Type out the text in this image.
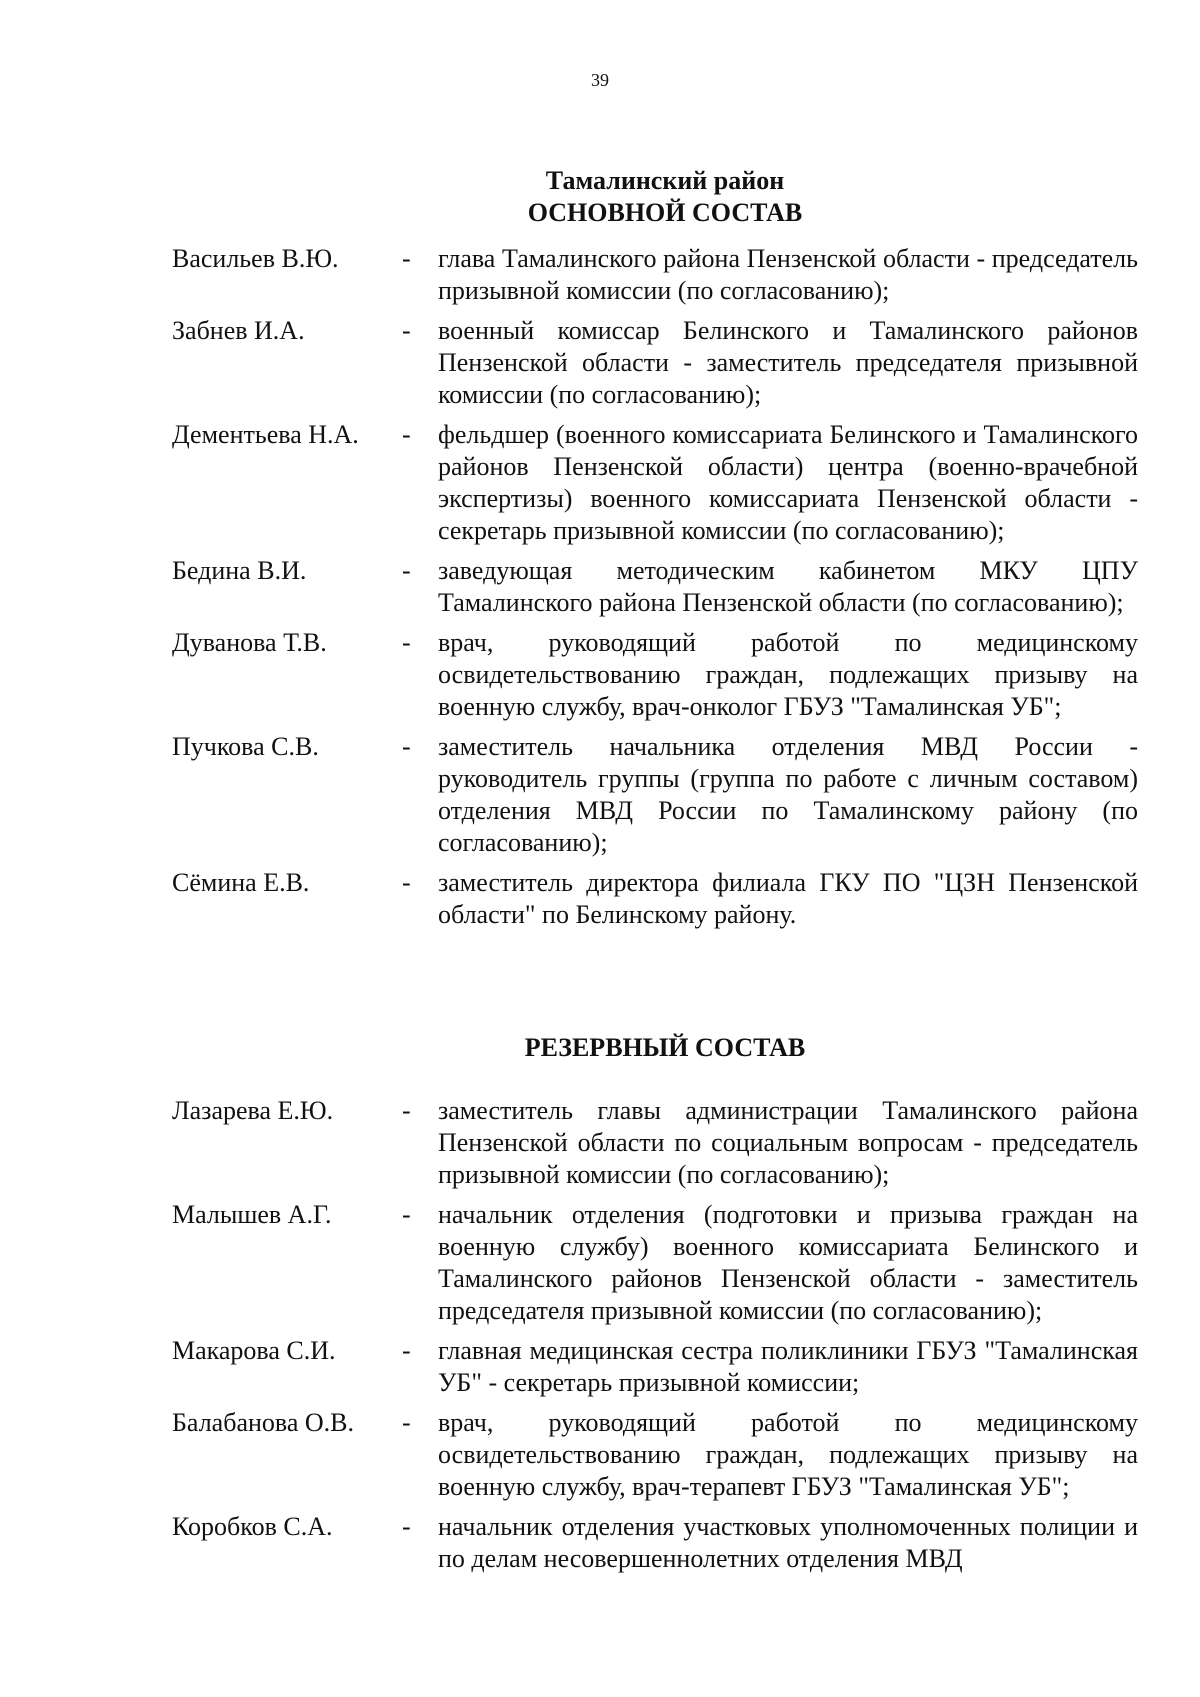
39
Тамалинский район
ОСНОВНОЙ СОСТАВ
Васильев В.Ю.	-	глава Тамалинского района Пензенской области - председатель призывной комиссии (по согласованию);
Забнев И.А.	-	военный комиссар Белинского и Тамалинского районов Пензенской области - заместитель председателя призывной комиссии (по согласованию);
Дементьева Н.А.	-	фельдшер (военного комиссариата Белинского и Тамалинского районов Пензенской области) центра (военно-врачебной экспертизы) военного комиссариата Пензенской области - секретарь призывной комиссии (по согласованию);
Бедина В.И.	-	заведующая методическим кабинетом МКУ ЦПУ Тамалинского района Пензенской области (по согласованию);
Дуванова Т.В.	-	врач, руководящий работой по медицинскому освидетельствованию граждан, подлежащих призыву на военную службу, врач-онколог ГБУЗ "Тамалинская УБ";
Пучкова С.В.	-	заместитель начальника отделения МВД России - руководитель группы (группа по работе с личным составом) отделения МВД России по Тамалинскому району (по согласованию);
Сёмина Е.В.	-	заместитель директора филиала ГКУ ПО "ЦЗН Пензенской области" по Белинскому району.
РЕЗЕРВНЫЙ СОСТАВ
Лазарева Е.Ю.	-	заместитель главы администрации Тамалинского района Пензенской области по социальным вопросам - председатель призывной комиссии (по согласованию);
Малышев А.Г.	-	начальник отделения (подготовки и призыва граждан на военную службу) военного комиссариата Белинского и Тамалинского районов Пензенской области - заместитель председателя призывной комиссии (по согласованию);
Макарова С.И.	-	главная медицинская сестра поликлиники ГБУЗ "Тамалинская УБ" - секретарь призывной комиссии;
Балабанова О.В.	-	врач, руководящий работой по медицинскому освидетельствованию граждан, подлежащих призыву на военную службу, врач-терапевт ГБУЗ "Тамалинская УБ";
Коробков С.А.	-	начальник отделения участковых уполномоченных полиции и по делам несовершеннолетних отделения МВД
